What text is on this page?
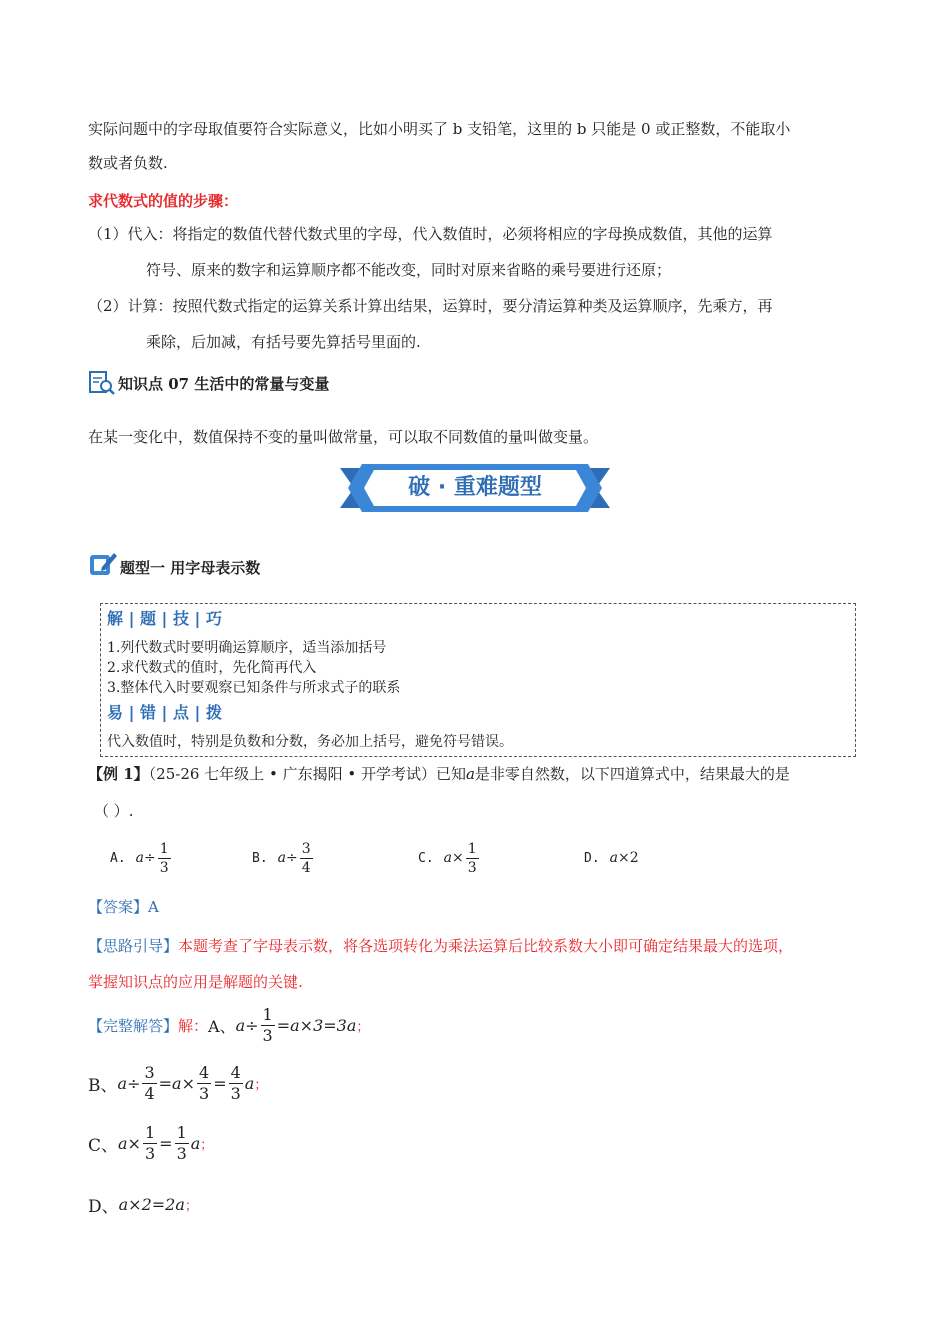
实际问题中的字母取值要符合实际意义，比如小明买了 b 支铅笔，这里的 b 只能是 0 或正整数，不能取小
数或者负数.
求代数式的值的步骤：
（1）代入：将指定的数值代替代数式里的字母，代入数值时，必须将相应的字母换成数值，其他的运算
符号、原来的数字和运算顺序都不能改变，同时对原来省略的乘号要进行还原；
（2）计算：按照代数式指定的运算关系计算出结果，运算时，要分清运算种类及运算顺序，先乘方，再
乘除，后加减，有括号要先算括号里面的.
知识点 07 生活中的常量与变量
在某一变化中，数值保持不变的量叫做常量，可以取不同数值的量叫做变量。
破 · 重难题型
题型一 用字母表示数
解 | 题 | 技 | 巧
1.列代数式时要明确运算顺序，适当添加括号
2.求代数式的值时，先化简再代入
3.整体代入时要观察已知条件与所求式子的联系
易 | 错 | 点 | 拨
代入数值时，特别是负数和分数，务必加上括号，避免符号错误。
【例 1】（25-26 七年级上 • 广东揭阳 • 开学考试）已知a是非零自然数，以下四道算式中，结果最大的是
（ ）.
A. $a \div \frac{1}{3}$	B. $a \div \frac{3}{4}$	C. $a \times \frac{1}{3}$	D. a × 2
【答案】A
【思路引导】本题考查了字母表示数，将各选项转化为乘法运算后比较系数大小即可确定结果最大的选项，
掌握知识点的应用是解题的关键.
【完整解答】 解： A、 $a\div \frac{1}{3} =a\times 3=3a$ ；
B、 $a\div \frac{3}{4} =a\times \frac{4}{3} = \frac{4}{3}$ a ；
C、 $a\times \frac{1}{3} = \frac{1}{3}$ a ；
D、 a×2=2a ；
